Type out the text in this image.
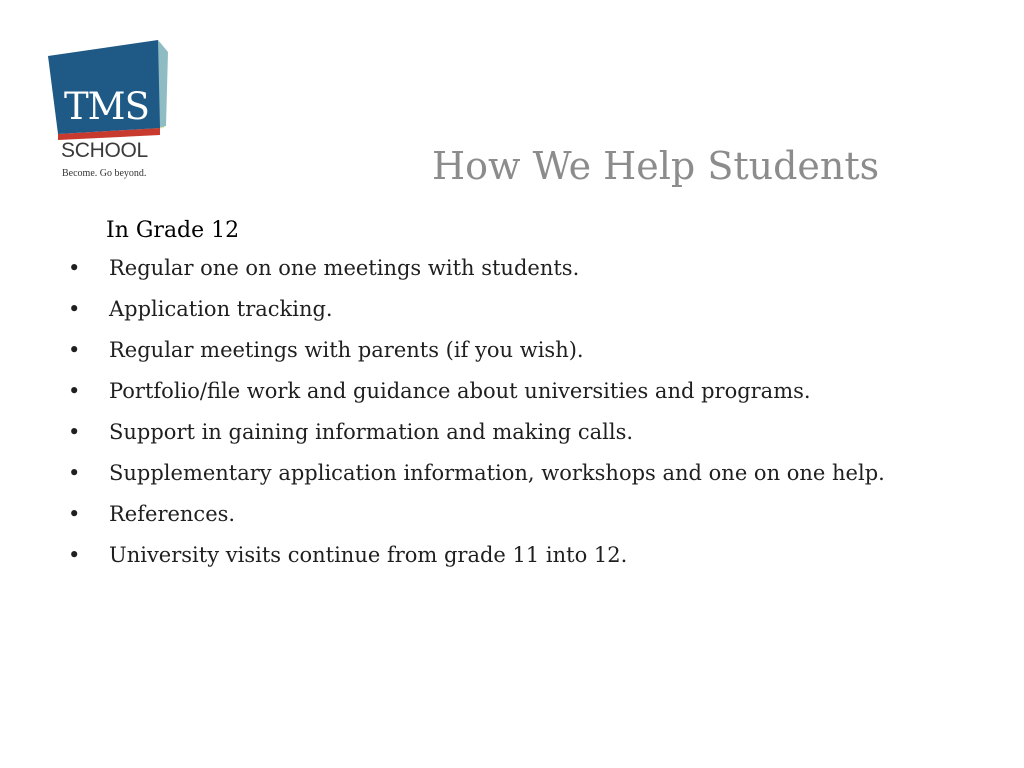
TMS
SCHOOL
Become. Go beyond.	How We Help Students
In Grade 12
•	Regular one on one meetings with students.
•	Application tracking.
•	Regular meetings with parents (if you wish).
•	Portfolio/file work and guidance about universities and programs.
•	Support in gaining information and making calls.
•	Supplementary application information, workshops and one on one help.
•	References.
•	University visits continue from grade 11 into 12.
